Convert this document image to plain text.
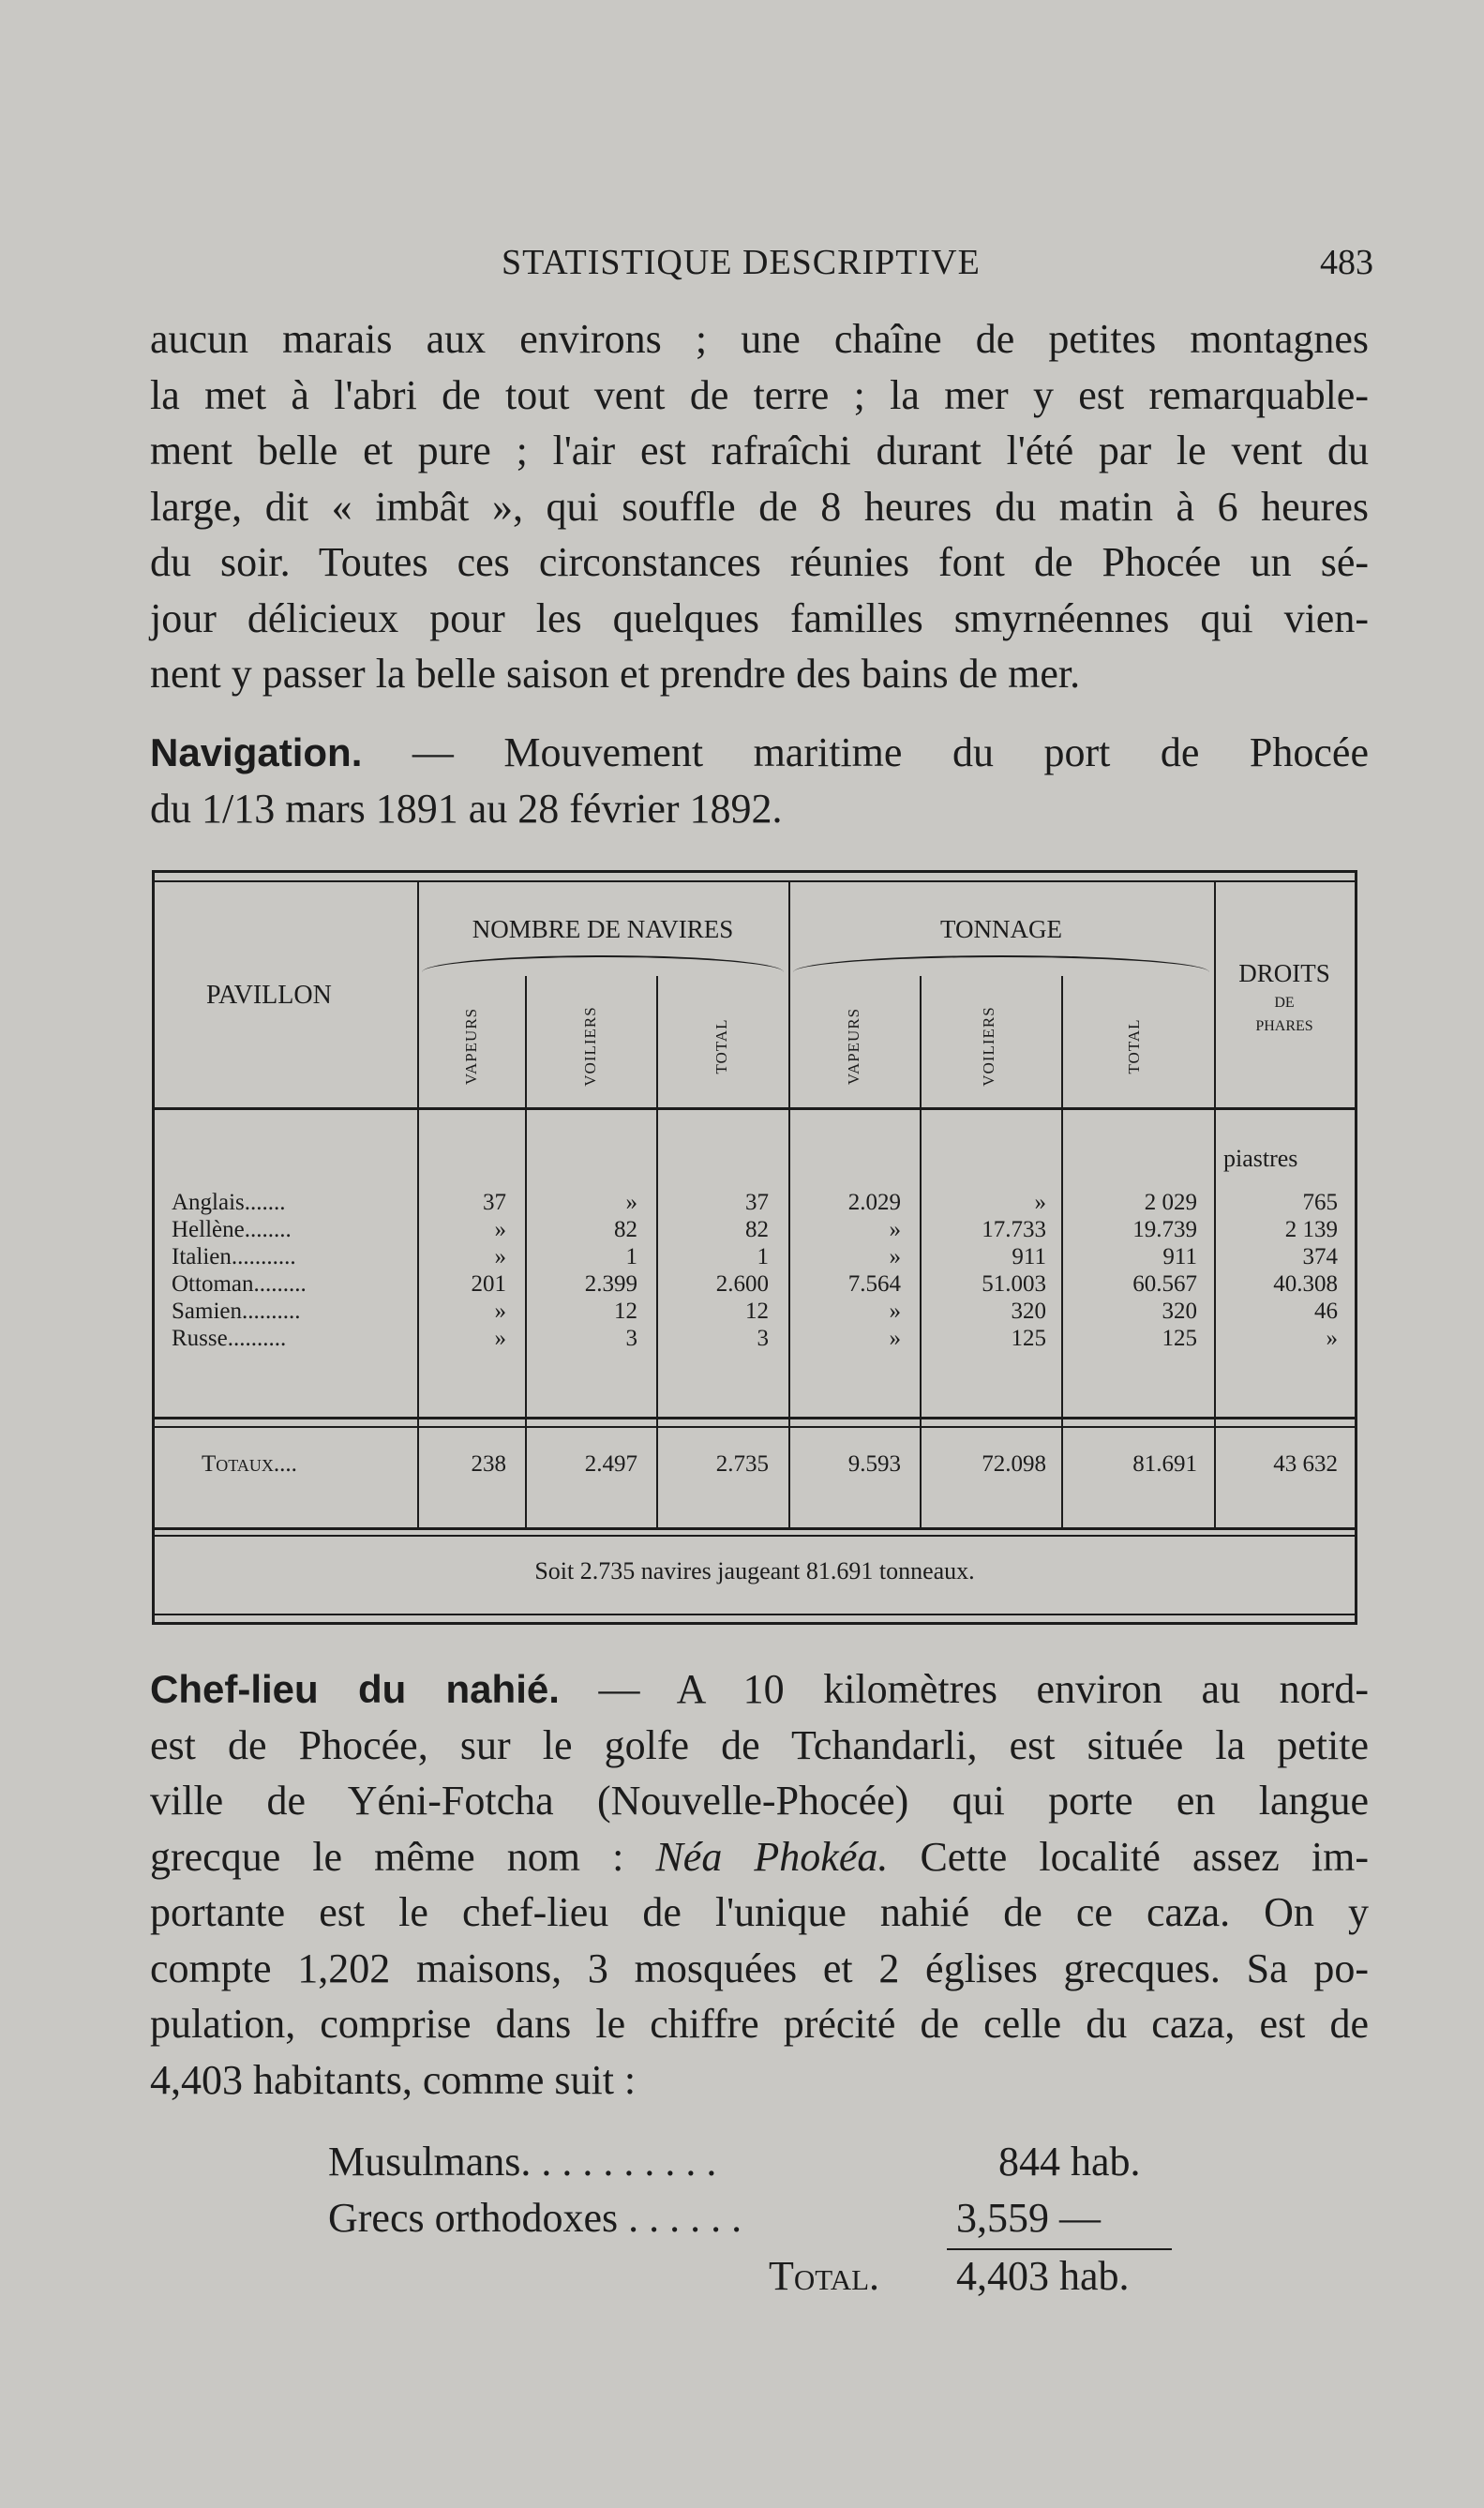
STATISTIQUE DESCRIPTIVE	483
aucun marais aux environs ; une chaîne de petites montagnes
la met à l'abri de tout vent de terre ; la mer y est remarquable-
ment belle et pure ; l'air est rafraîchi durant l'été par le vent du
large, dit « imbât », qui souffle de 8 heures du matin à 6 heures
du soir. Toutes ces circonstances réunies font de Phocée un sé-
jour délicieux pour les quelques familles smyrnéennes qui vien-
nent y passer la belle saison et prendre des bains de mer.
Navigation. — Mouvement maritime du port de Phocée
du 1/13 mars 1891 au 28 février 1892.
PAVILLON
NOMBRE DE NAVIRES	TONNAGE
DROITS
DE
PHARES
VAPEURS	VOILIERS	TOTAL	VAPEURS	VOILIERS	TOTAL
piastres
Anglais.......	37	»	37	2.029	»	2 029	765
Hellène........	»	82	82	»	17.733	19.739	2 139
Italien...........	»	1	1	»	911	911	374
Ottoman.........	201	2.399	2.600	7.564	51.003	60.567	40.308
Samien..........	»	12	12	»	320	320	46
Russe..........	»	3	3	»	125	125	»
Totaux....	238	2.497	2.735	9.593	72.098	81.691	43 632
Soit 2.735 navires jaugeant 81.691 tonneaux.
Chef-lieu du nahié. — A 10 kilomètres environ au nord-
est de Phocée, sur le golfe de Tchandarli, est située la petite
ville de Yéni-Fotcha (Nouvelle-Phocée) qui porte en langue
grecque le même nom : Néa Phokéa. Cette localité assez im-
portante est le chef-lieu de l'unique nahié de ce caza. On y
compte 1,202 maisons, 3 mosquées et 2 églises grecques. Sa po-
pulation, comprise dans le chiffre précité de celle du caza, est de
4,403 habitants, comme suit :
Musulmans. . . . . . . . . .	844 hab.
Grecs orthodoxes . . . . . .	3,559 —
Total. 4,403 hab.
